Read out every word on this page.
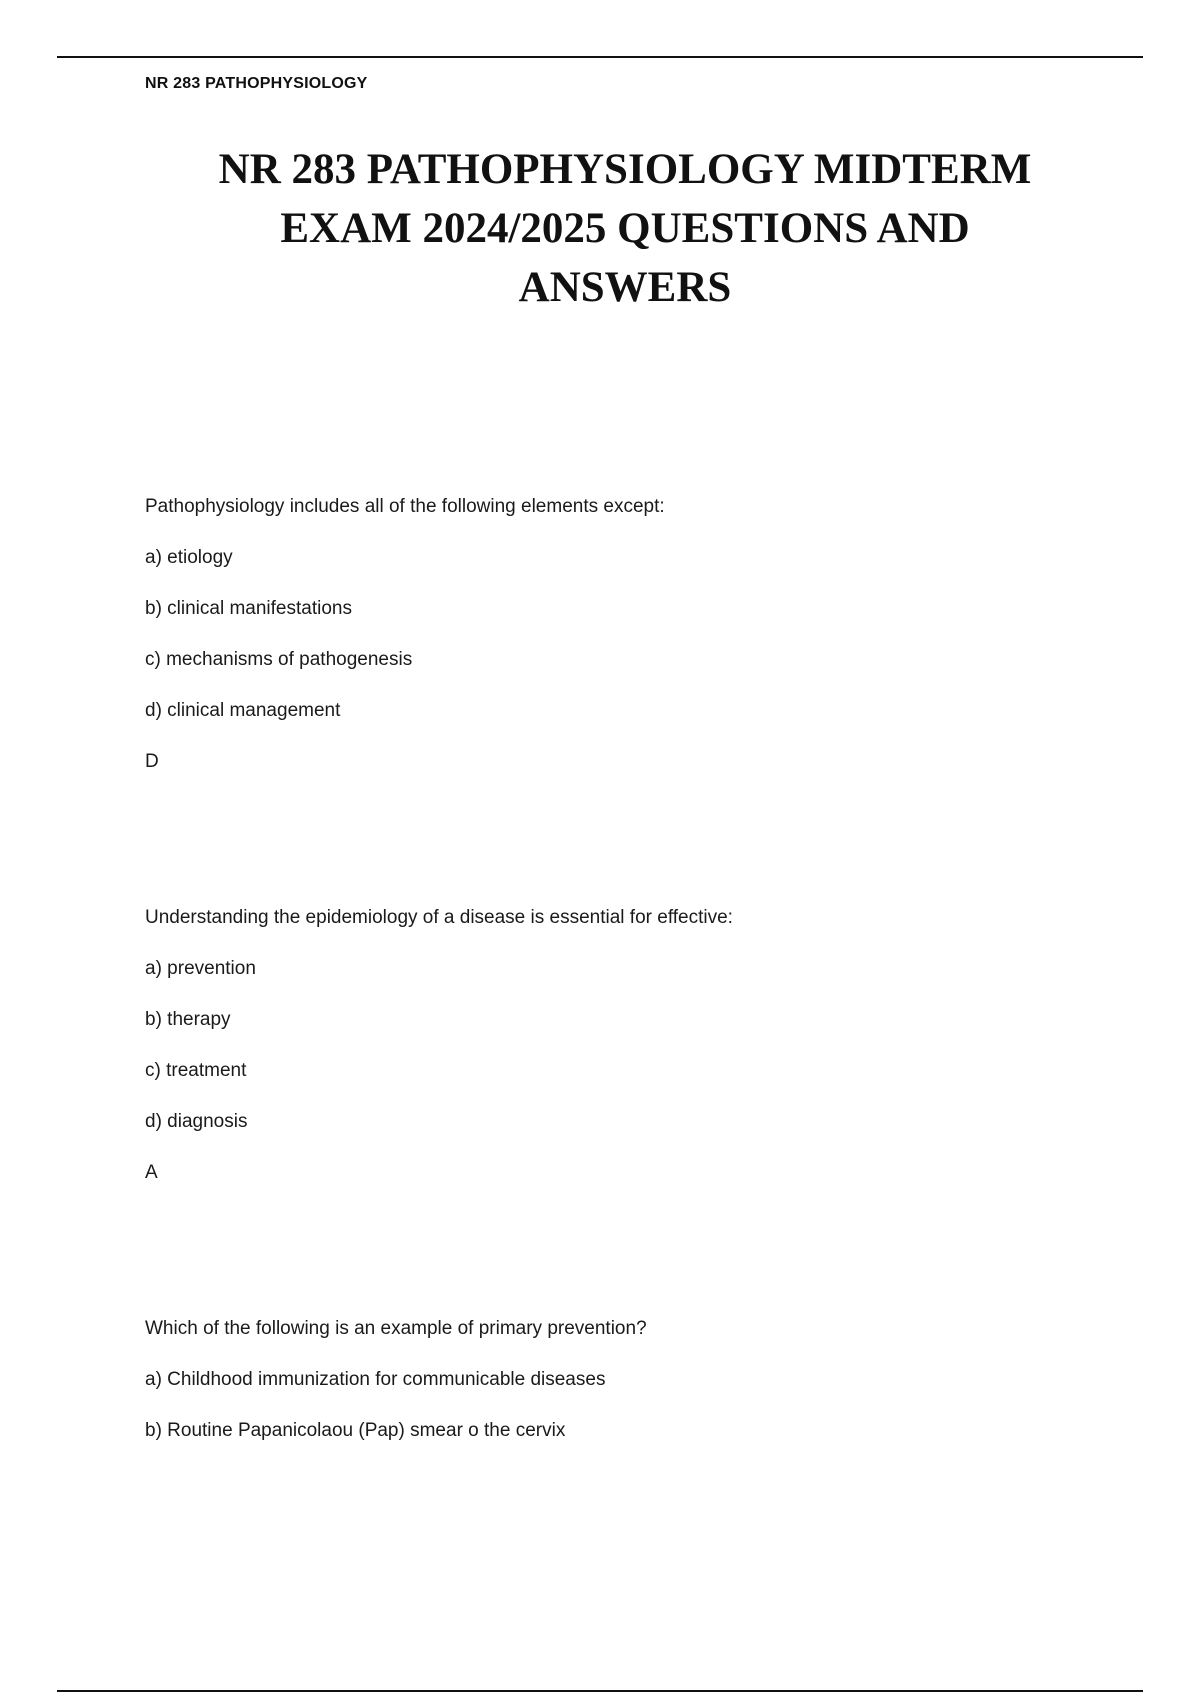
NR 283 PATHOPHYSIOLOGY
NR 283 PATHOPHYSIOLOGY MIDTERM
EXAM 2024/2025 QUESTIONS AND
ANSWERS

Pathophysiology includes all of the following elements except:

a) etiology

b) clinical manifestations

c) mechanisms of pathogenesis

d) clinical management

D

Understanding the epidemiology of a disease is essential for effective:

a) prevention

b) therapy

c) treatment

d) diagnosis

A

Which of the following is an example of primary prevention?

a) Childhood immunization for communicable diseases

b) Routine Papanicolaou (Pap) smear o the cervix
